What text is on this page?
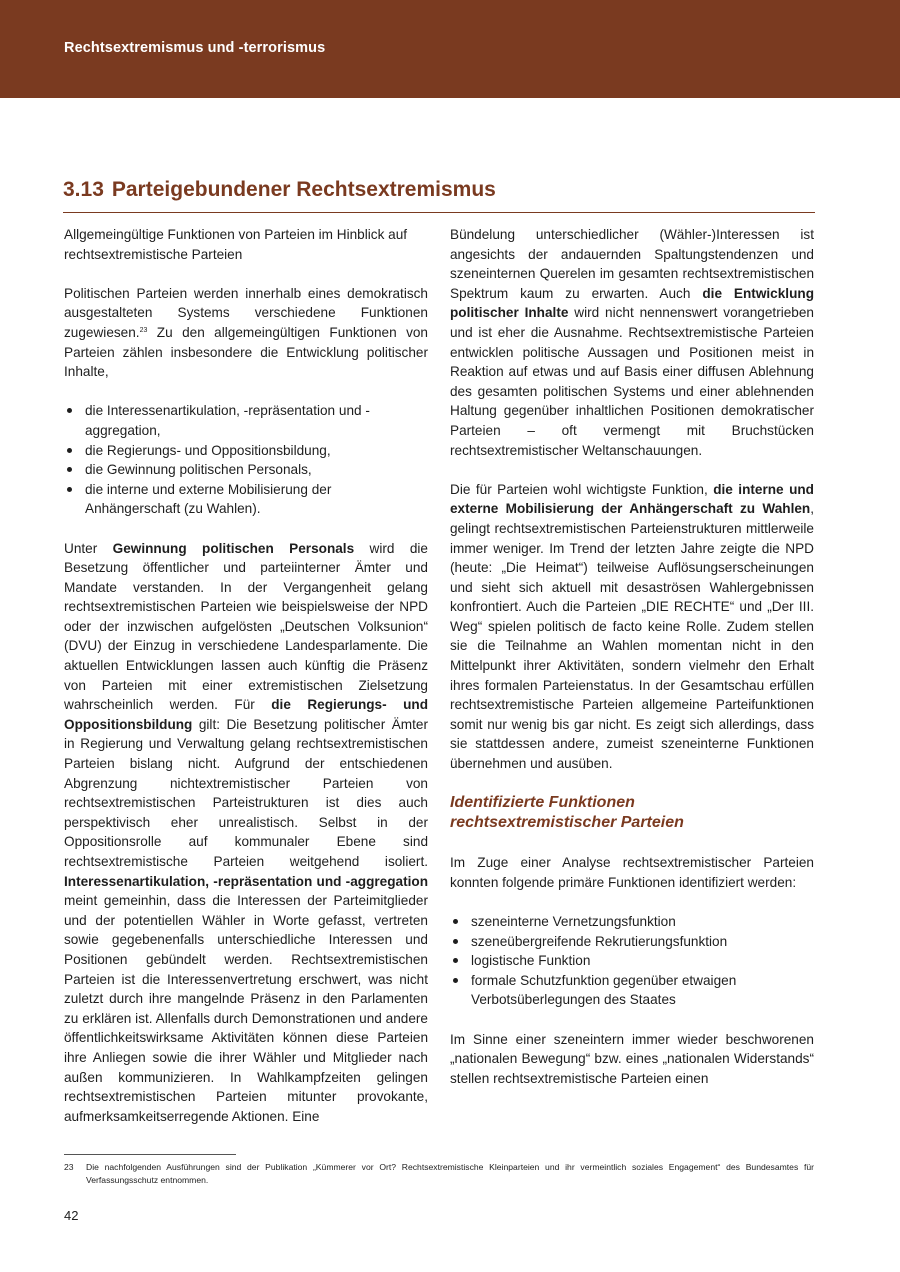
Rechtsextremismus und -terrorismus
3.13 Parteigebundener Rechtsextremismus

Allgemeingültige Funktionen von Parteien im Hinblick auf rechtsextremistische Parteien

Politischen Parteien werden innerhalb eines demokratisch ausgestalteten Systems verschiedene Funktionen zugewiesen.$^{23}$ Zu den allgemeingültigen Funktionen von Parteien zählen insbesondere die Entwicklung politischer Inhalte,

die Interessenartikulation, -repräsentation und -aggregation,
die Regierungs- und Oppositionsbildung,
die Gewinnung politischen Personals,
die interne und externe Mobilisierung der Anhängerschaft (zu Wahlen).

Unter Gewinnung politischen Personals wird die Besetzung öffentlicher und parteiinterner Ämter und Mandate verstanden. In der Vergangenheit gelang rechtsextremistischen Parteien wie beispielsweise der NPD oder der inzwischen aufgelösten „Deutschen Volksunion“ (DVU) der Einzug in verschiedene Landesparlamente. Die aktuellen Entwicklungen lassen auch künftig die Präsenz von Parteien mit einer extremistischen Zielsetzung wahrscheinlich werden. Für die Regierungs- und Oppositionsbildung gilt: Die Besetzung politischer Ämter in Regierung und Verwaltung gelang rechtsextremistischen Parteien bislang nicht. Aufgrund der entschiedenen Abgrenzung nichtextremistischer Parteien von rechtsextremistischen Parteistrukturen ist dies auch perspektivisch eher unrealistisch. Selbst in der Oppositionsrolle auf kommunaler Ebene sind rechtsextremistische Parteien weitgehend isoliert. Interessenartikulation, -repräsentation und -aggregation meint gemeinhin, dass die Interessen der Parteimitglieder und der potentiellen Wähler in Worte gefasst, vertreten sowie gegebenenfalls unterschiedliche Interessen und Positionen gebündelt werden. Rechtsextremistischen Parteien ist die Interessenvertretung erschwert, was nicht zuletzt durch ihre mangelnde Präsenz in den Parlamenten zu erklären ist. Allenfalls durch Demonstrationen und andere öffentlichkeitswirksame Aktivitäten können diese Parteien ihre Anliegen sowie die ihrer Wähler und Mitglieder nach außen kommunizieren. In Wahlkampfzeiten gelingen rechtsextremistischen Parteien mitunter provokante, aufmerksamkeitserregende Aktionen. Eine

Bündelung unterschiedlicher (Wähler-)Interessen ist angesichts der andauernden Spaltungstendenzen und szeneinternen Querelen im gesamten rechtsextremistischen Spektrum kaum zu erwarten. Auch die Entwicklung politischer Inhalte wird nicht nennenswert vorangetrieben und ist eher die Ausnahme. Rechtsextremistische Parteien entwicklen politische Aussagen und Positionen meist in Reaktion auf etwas und auf Basis einer diffusen Ablehnung des gesamten politischen Systems und einer ablehnenden Haltung gegenüber inhaltlichen Positionen demokratischer Parteien – oft vermengt mit Bruchstücken rechtsextremistischer Weltanschauungen.

Die für Parteien wohl wichtigste Funktion, die interne und externe Mobilisierung der Anhängerschaft zu Wahlen, gelingt rechtsextremistischen Parteienstrukturen mittlerweile immer weniger. Im Trend der letzten Jahre zeigte die NPD (heute: „Die Heimat“) teilweise Auflösungserscheinungen und sieht sich aktuell mit desaströsen Wahlergebnissen konfrontiert. Auch die Parteien „DIE RECHTE“ und „Der III. Weg“ spielen politisch de facto keine Rolle. Zudem stellen sie die Teilnahme an Wahlen momentan nicht in den Mittelpunkt ihrer Aktivitäten, sondern vielmehr den Erhalt ihres formalen Parteienstatus. In der Gesamtschau erfüllen rechtsextremistische Parteien allgemeine Parteifunktionen somit nur wenig bis gar nicht. Es zeigt sich allerdings, dass sie stattdessen andere, zumeist szeneinterne Funktionen übernehmen und ausüben.

Identifizierte Funktionen
rechtsextremistischer Parteien

Im Zuge einer Analyse rechtsextremistischer Parteien konnten folgende primäre Funktionen identifiziert werden:

szeneinterne Vernetzungsfunktion
szeneübergreifende Rekrutierungsfunktion
logistische Funktion
formale Schutzfunktion gegenüber etwaigen Verbotsüberlegungen des Staates

Im Sinne einer szeneintern immer wieder beschworenen „nationalen Bewegung“ bzw. eines „nationalen Widerstands“ stellen rechtsextremistische Parteien einen

23 Die nachfolgenden Ausführungen sind der Publikation „Kümmerer vor Ort? Rechtsextremistische Kleinparteien und ihr vermeintlich soziales Engagement“ des Bundesamtes für Verfassungsschutz entnommen.
42
